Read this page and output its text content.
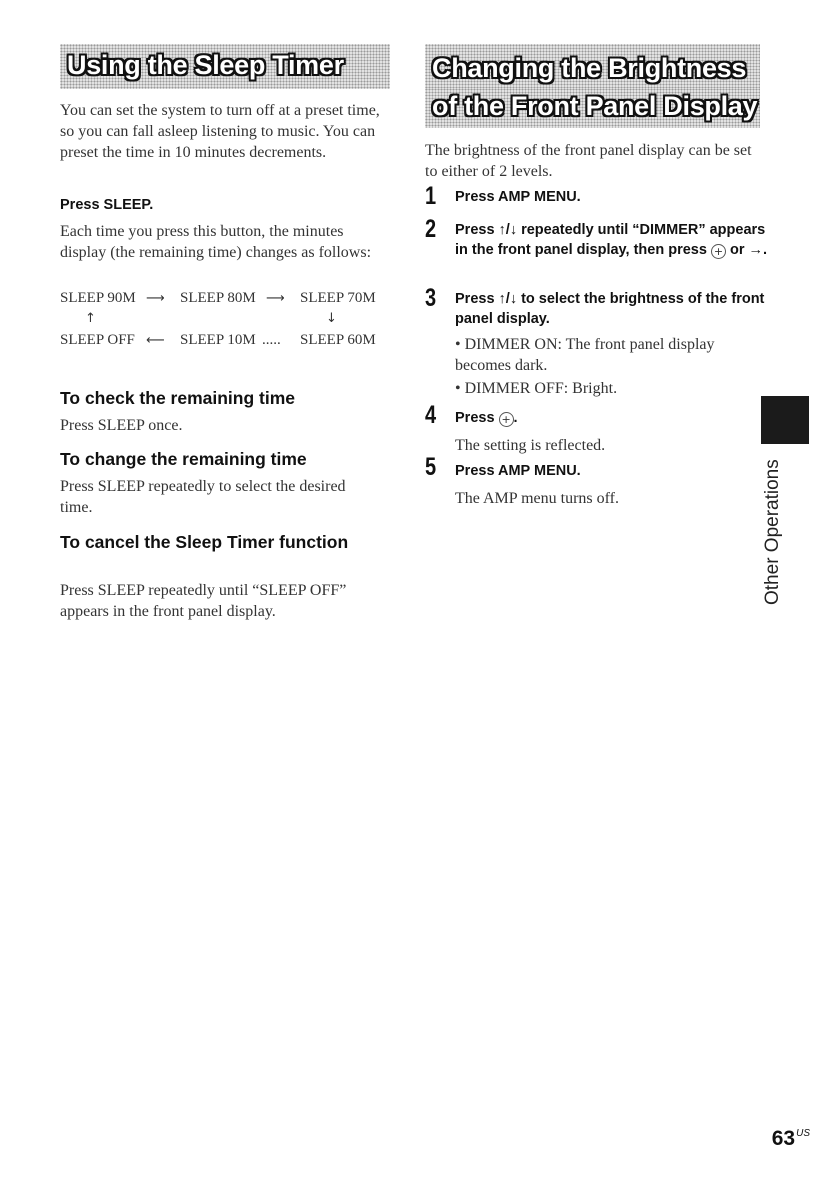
Using the Sleep Timer

You can set the system to turn off at a preset time, so you can fall asleep listening to music. You can preset the time in 10 minutes decrements.

Press SLEEP.

Each time you press this button, the minutes display (the remaining time) changes as follows:

SLEEP 90M ⟶ SLEEP 80M ⟶ SLEEP 70M
↑	↓
SLEEP OFF ⟵ SLEEP 10M ..... SLEEP 60M
To check the remaining time

Press SLEEP once.

To change the remaining time

Press SLEEP repeatedly to select the desired time.

To cancel the Sleep Timer function

Press SLEEP repeatedly until “SLEEP OFF” appears in the front panel display.

Changing the Brightness
of the Front Panel Display

The brightness of the front panel display can be set to either of 2 levels.

1 Press AMP MENU.

2 Press ↑/↓ repeatedly until “DIMMER” appears in the front panel display, then press + or →.

3 Press ↑/↓ to select the brightness of the front panel display.

• DIMMER ON: The front panel display becomes dark.

• DIMMER OFF: Bright.

4 Press + .

The setting is reflected.

5 Press AMP MENU.

The AMP menu turns off.	Other Operations
$63^{US}$
